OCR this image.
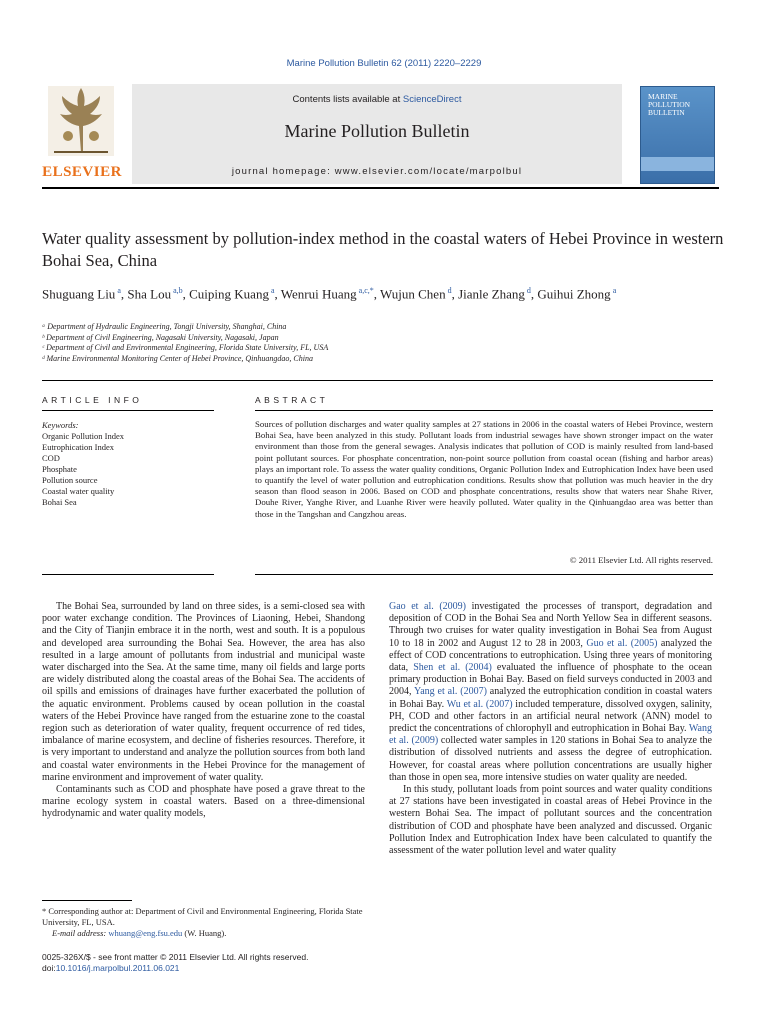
Marine Pollution Bulletin 62 (2011) 2220–2229
ELSEVIER
Contents lists available at ScienceDirect
Marine Pollution Bulletin
journal homepage: www.elsevier.com/locate/marpolbul
MARINE POLLUTION BULLETIN
Water quality assessment by pollution-index method in the coastal waters of Hebei Province in western Bohai Sea, China
Shuguang Liu $^a$, Sha Lou $^{a,b}$, Cuiping Kuang $^a$, Wenrui Huang $^{a,c,*}$, Wujun Chen $^d$, Jianle Zhang $^d$, Guihui Zhong $^a$
ᵃ Department of Hydraulic Engineering, Tongji University, Shanghai, China
ᵇ Department of Civil Engineering, Nagasaki University, Nagasaki, Japan
ᶜ Department of Civil and Environmental Engineering, Florida State University, FL, USA
ᵈ Marine Environmental Monitoring Center of Hebei Province, Qinhuangdao, China
ARTICLE INFO	ABSTRACT
Keywords:
Organic Pollution Index
Eutrophication Index
COD
Phosphate
Pollution source
Coastal water quality
Bohai Sea
Sources of pollution discharges and water quality samples at 27 stations in 2006 in the coastal waters of Hebei Province, western Bohai Sea, have been analyzed in this study. Pollutant loads from industrial sewages have shown stronger impact on the water environment than those from the general sewages. Analysis indicates that pollution of COD is mainly resulted from land-based point pollutant sources. For phosphate concentration, non-point source pollution from coastal ocean (fishing and harbor areas) plays an important role. To assess the water quality conditions, Organic Pollution Index and Eutrophication Index have been used to quantify the level of water pollution and eutrophication conditions. Results show that pollution was much heavier in the dry season than flood season in 2006. Based on COD and phosphate concentrations, results show that waters near Shahe River, Douhe River, Yanghe River, and Luanhe River were heavily polluted. Water quality in the Qinhuangdao area was better than those in the Tangshan and Cangzhou areas.
© 2011 Elsevier Ltd. All rights reserved.

The Bohai Sea, surrounded by land on three sides, is a semi-closed sea with poor water exchange condition. The Provinces of Liaoning, Hebei, Shandong and the City of Tianjin embrace it in the north, west and south. It is a populous and developed area surrounding the Bohai Sea. However, the area has also resulted in a large amount of pollutants from industrial and municipal waste water discharged into the Sea. At the same time, many oil fields and large ports are widely distributed along the coastal areas of the Bohai Sea. The accidents of oil spills and emissions of drainages have further exacerbated the pollution of the aquatic environment. Problems caused by ocean pollution in the coastal waters of the Hebei Province have ranged from the estuarine zone to the coastal region such as deterioration of water quality, frequent occurrence of red tides, imbalance of marine ecosystem, and decline of fisheries resources. Therefore, it is very important to understand and analyze the pollution sources from both land and coastal water environments in the Hebei Province for the management of marine environment and improvement of water quality.

Contaminants such as COD and phosphate have posed a grave threat to the marine ecology system in coastal waters. Based on a three-dimensional hydrodynamic and water quality models,

Gao et al. (2009) investigated the processes of transport, degradation and deposition of COD in the Bohai Sea and North Yellow Sea in different seasons. Through two cruises for water quality investigation in Bohai Sea from August 10 to 18 in 2002 and August 12 to 28 in 2003, Guo et al. (2005) analyzed the effect of COD concentrations to eutrophication. Using three years of monitoring data, Shen et al. (2004) evaluated the influence of phosphate to the ocean primary production in Bohai Bay. Based on field surveys conducted in 2003 and 2004, Yang et al. (2007) analyzed the eutrophication condition in coastal waters in Bohai Bay. Wu et al. (2007) included temperature, dissolved oxygen, salinity, PH, COD and other factors in an artificial neural network (ANN) model to predict the concentrations of chlorophyll and eutrophication in Bohai Bay. Wang et al. (2009) collected water samples in 120 stations in Bohai Sea to analyze the distribution of dissolved nutrients and assess the degree of eutrophication. However, for coastal areas where pollution concentrations are usually higher than those in open sea, more intensive studies on water quality are needed.

In this study, pollutant loads from point sources and water quality conditions at 27 stations have been investigated in coastal areas of Hebei Province in the western Bohai Sea. The impact of pollutant sources and the concentration distribution of COD and phosphate have been analyzed and discussed. Organic Pollution Index and Eutrophication Index have been calculated to quantify the assessment of the water pollution level and water quality

* Corresponding author at: Department of Civil and Environmental Engineering, Florida State University, FL, USA.
E-mail address: whuang@eng.fsu.edu (W. Huang).
0025-326X/$ - see front matter © 2011 Elsevier Ltd. All rights reserved.
doi:10.1016/j.marpolbul.2011.06.021
